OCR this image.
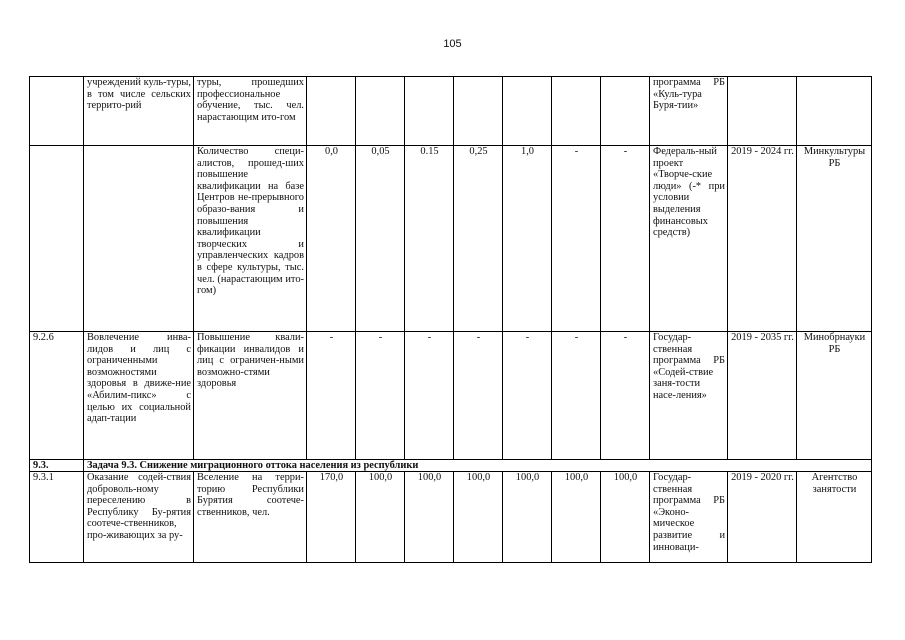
105
	учреждений куль-туры, в том числе сельских террито-рий	туры, прошедших профессиональное обучение, тыс. чел. нарастающим ито-гом								программа РБ «Куль-тура Буря-тии»		
		Количество специ-алистов, прошед-ших повышение квалификации на базе Центров не-прерывного образо-вания и повышения квалификации творческих и управленческих кадров в сфере культуры, тыс. чел. (нарастающим ито-гом)	0,0	0,05	0.15	0,25	1,0	-	-	Федераль-ный проект «Творче-ские люди» (-* при условии выделения финансовых средств)	2019 - 2024 гг.	Минкультуры РБ
9.2.6	Вовлечение инва-лидов и лиц с ограниченными возможностями здоровья в движе-ние «Абилим-пикс» с целью их социальной адап-тации	Повышение квали-фикации инвалидов и лиц с ограничен-ными возможно-стями здоровья	-	-	-	-	-	-	-	Государ-ственная программа РБ «Содей-ствие заня-тости насе-ления»	2019 - 2035 гг.	Минобрнауки РБ
9.3.	Задача 9.3. Снижение миграционного оттока населения из республики											
9.3.1	Оказание содей-ствия доброволь-ному переселению в Республику Бу-рятия соотече-ственников, про-живающих за ру-	Вселение на терри-торию Республики Бурятия соотече-ственников, чел.	170,0	100,0	100,0	100,0	100,0	100,0	100,0	Государ-ственная программа РБ «Эконо-мическое развитие и инноваци-	2019 - 2020 гг.	Агентство занятости
